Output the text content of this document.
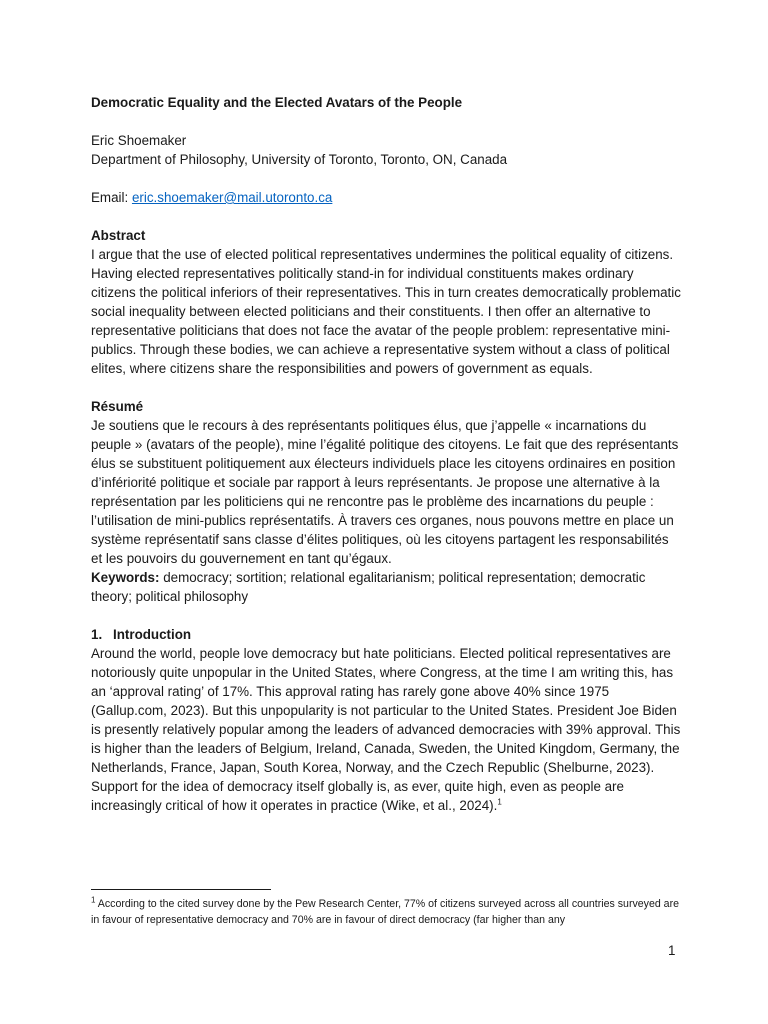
Democratic Equality and the Elected Avatars of the People

Eric Shoemaker

Department of Philosophy, University of Toronto, Toronto, ON, Canada

Email: eric.shoemaker@mail.utoronto.ca

Abstract

I argue that the use of elected political representatives undermines the political equality of citizens. Having elected representatives politically stand-in for individual constituents makes ordinary citizens the political inferiors of their representatives. This in turn creates democratically problematic social inequality between elected politicians and their constituents. I then offer an alternative to representative politicians that does not face the avatar of the people problem: representative mini-publics. Through these bodies, we can achieve a representative system without a class of political elites, where citizens share the responsibilities and powers of government as equals.

Résumé

Je soutiens que le recours à des représentants politiques élus, que j’appelle « incarnations du peuple » (avatars of the people), mine l’égalité politique des citoyens. Le fait que des représentants élus se substituent politiquement aux électeurs individuels place les citoyens ordinaires en position d’infériorité politique et sociale par rapport à leurs représentants. Je propose une alternative à la représentation par les politiciens qui ne rencontre pas le problème des incarnations du peuple : l’utilisation de mini-publics représentatifs. À travers ces organes, nous pouvons mettre en place un système représentatif sans classe d’élites politiques, où les citoyens partagent les responsabilités et les pouvoirs du gouvernement en tant qu’égaux.

Keywords: democracy; sortition; relational egalitarianism; political representation; democratic theory; political philosophy

1. Introduction

Around the world, people love democracy but hate politicians. Elected political representatives are notoriously quite unpopular in the United States, where Congress, at the time I am writing this, has an ‘approval rating’ of 17%. This approval rating has rarely gone above 40% since 1975 (Gallup.com, 2023). But this unpopularity is not particular to the United States. President Joe Biden is presently relatively popular among the leaders of advanced democracies with 39% approval. This is higher than the leaders of Belgium, Ireland, Canada, Sweden, the United Kingdom, Germany, the Netherlands, France, Japan, South Korea, Norway, and the Czech Republic (Shelburne, 2023). Support for the idea of democracy itself globally is, as ever, quite high, even as people are increasingly critical of how it operates in practice (Wike, et al., 2024).$^1$

$^1$ According to the cited survey done by the Pew Research Center, 77% of citizens surveyed across all countries surveyed are in favour of representative democracy and 70% are in favour of direct democracy (far higher than any

1
